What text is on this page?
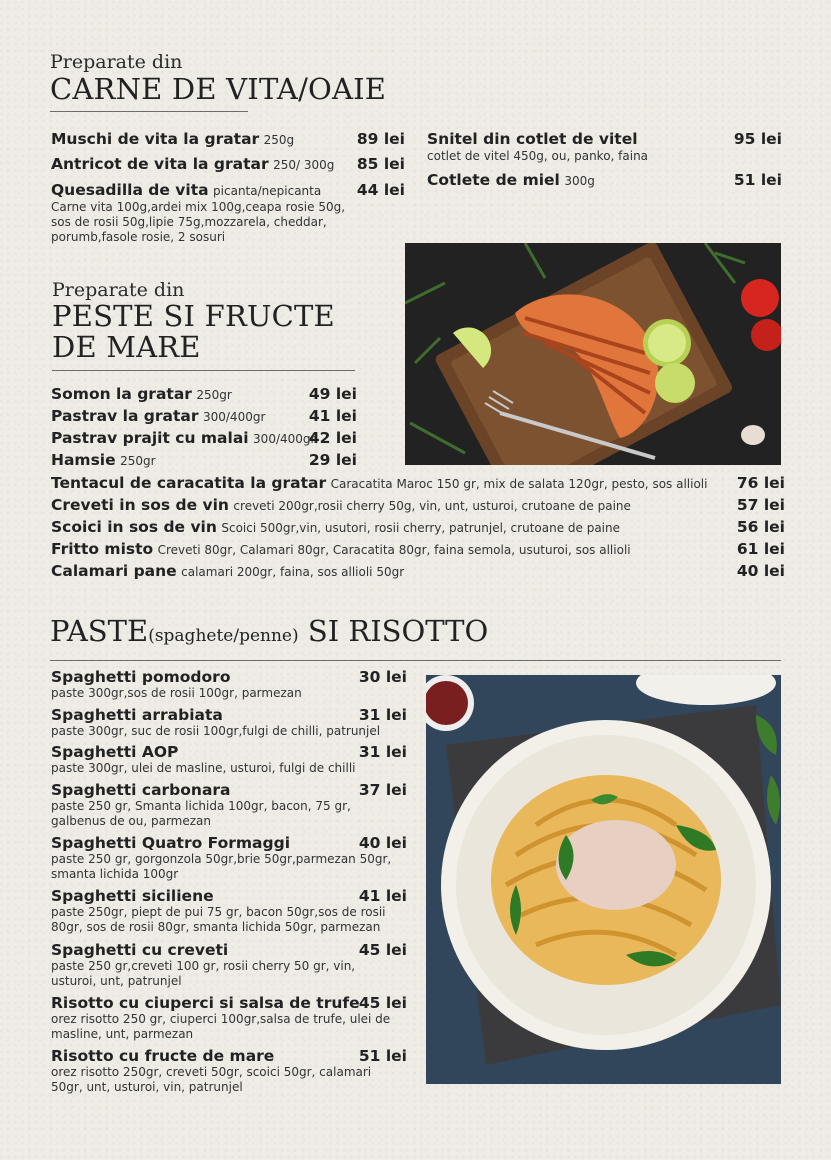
Preparate din
CARNE DE VITA/OAIE
Muschi de vita la gratar 250g	89 lei
Antricot de vita la gratar 250/ 300g	85 lei
Quesadilla de vita picanta/nepicanta
Carne vita 100g,ardei mix 100g,ceapa rosie 50g, sos de rosii 50g,lipie 75g,mozzarela, cheddar, porumb,fasole rosie, 2 sosuri
44 lei
Snitel din cotlet de vitel
cotlet de vitel 450g, ou, panko, faina
95 lei
Cotlete de miel 300g	51 lei
Preparate din
PESTE SI FRUCTE
DE MARE
Somon la gratar 250gr	49 lei
Pastrav la gratar 300/400gr	41 lei
Pastrav prajit cu malai 300/400gr
42 lei
Hamsie 250gr	29 lei
Tentacul de caracatita la gratar Caracatita Maroc 150 gr, mix de salata 120gr, pesto, sos allioli	76 lei
Creveti in sos de vin creveti 200gr,rosii cherry 50g, vin, unt, usturoi, crutoane de paine	57 lei
Scoici in sos de vin Scoici 500gr,vin, usutori, rosii cherry, patrunjel, crutoane de paine	56 lei
Fritto misto Creveti 80gr, Calamari 80gr, Caracatita 80gr, faina semola, usuturoi, sos allioli	61 lei
Calamari pane calamari 200gr, faina, sos allioli 50gr	40 lei
PASTE(spaghete/penne) SI RISOTTO
Spaghetti pomodoro
paste 300gr,sos de rosii 100gr, parmezan
30 lei
Spaghetti arrabiata
paste 300gr, suc de rosii 100gr,fulgi de chilli, patrunjel
31 lei
Spaghetti AOP
paste 300gr, ulei de masline, usturoi, fulgi de chilli
31 lei
Spaghetti carbonara
paste 250 gr, Smanta lichida 100gr, bacon, 75 gr, galbenus de ou, parmezan
37 lei
Spaghetti Quatro Formaggi
paste 250 gr, gorgonzola 50gr,brie 50gr,parmezan 50gr, smanta lichida 100gr
40 lei
Spaghetti siciliene
paste 250gr, piept de pui 75 gr, bacon 50gr,sos de rosii 80gr, sos de rosii 80gr, smanta lichida 50gr, parmezan
41 lei
Spaghetti cu creveti
paste 250 gr,creveti 100 gr, rosii cherry 50 gr, vin, usturoi, unt, patrunjel
45 lei
Risotto cu ciuperci si salsa de trufe
orez risotto 250 gr, ciuperci 100gr,salsa de trufe, ulei de masline, unt, parmezan
45 lei
Risotto cu fructe de mare
orez risotto 250gr, creveti 50gr, scoici 50gr, calamari 50gr, unt, usturoi, vin, patrunjel
51 lei
